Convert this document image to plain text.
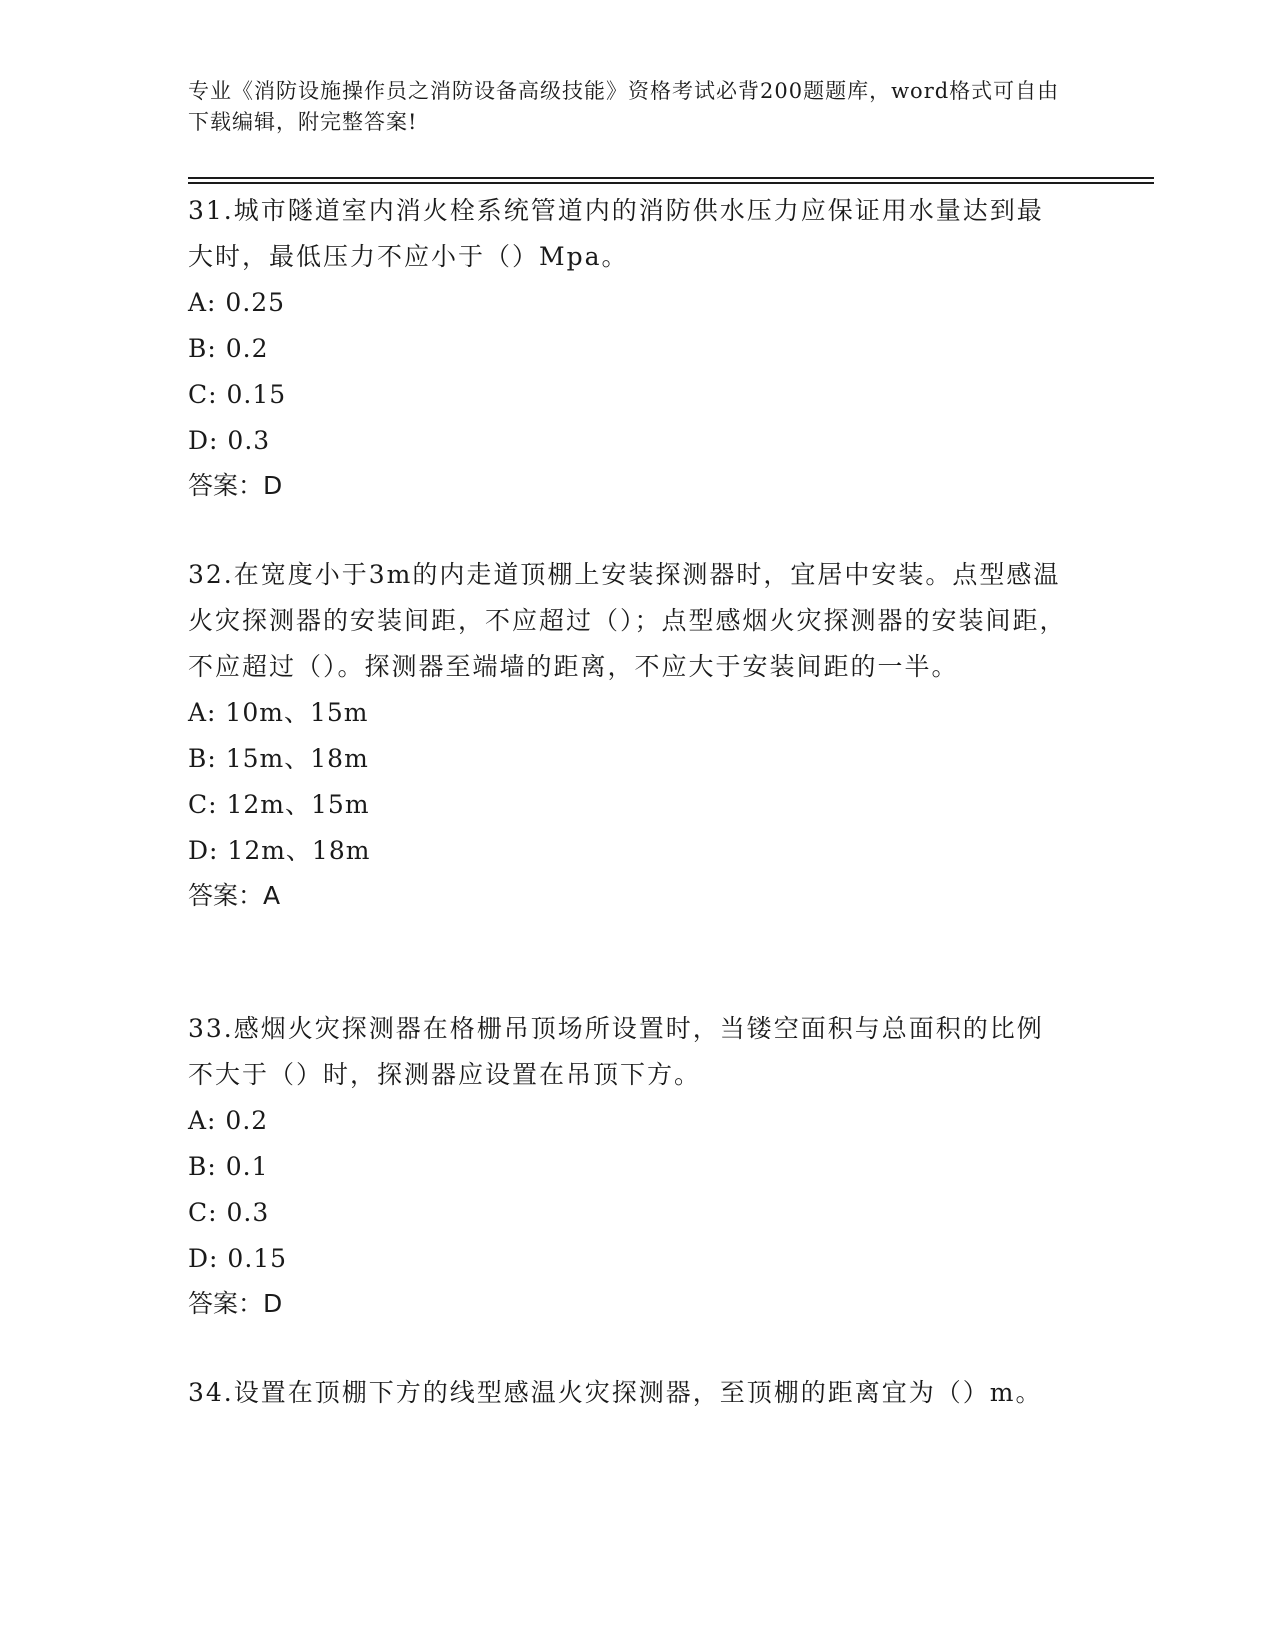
专业《消防设施操作员之消防设备高级技能》资格考试必背200题题库，word格式可自由下载编辑，附完整答案!

31.城市隧道室内消火栓系统管道内的消防供水压力应保证用水量达到最大时，最低压力不应小于（）Mpa。

A: 0.25

B: 0.2

C: 0.15

D: 0.3

答案：D

32.在宽度小于3m的内走道顶棚上安装探测器时，宜居中安装。点型感温火灾探测器的安装间距，不应超过（）；点型感烟火灾探测器的安装间距，不应超过（）。探测器至端墙的距离，不应大于安装间距的一半。

A: 10m、15m

B: 15m、18m

C: 12m、15m

D: 12m、18m

答案：A

33.感烟火灾探测器在格栅吊顶场所设置时，当镂空面积与总面积的比例不大于（）时，探测器应设置在吊顶下方。

A: 0.2

B: 0.1

C: 0.3

D: 0.15

答案：D

34.设置在顶棚下方的线型感温火灾探测器，至顶棚的距离宜为（）m。
